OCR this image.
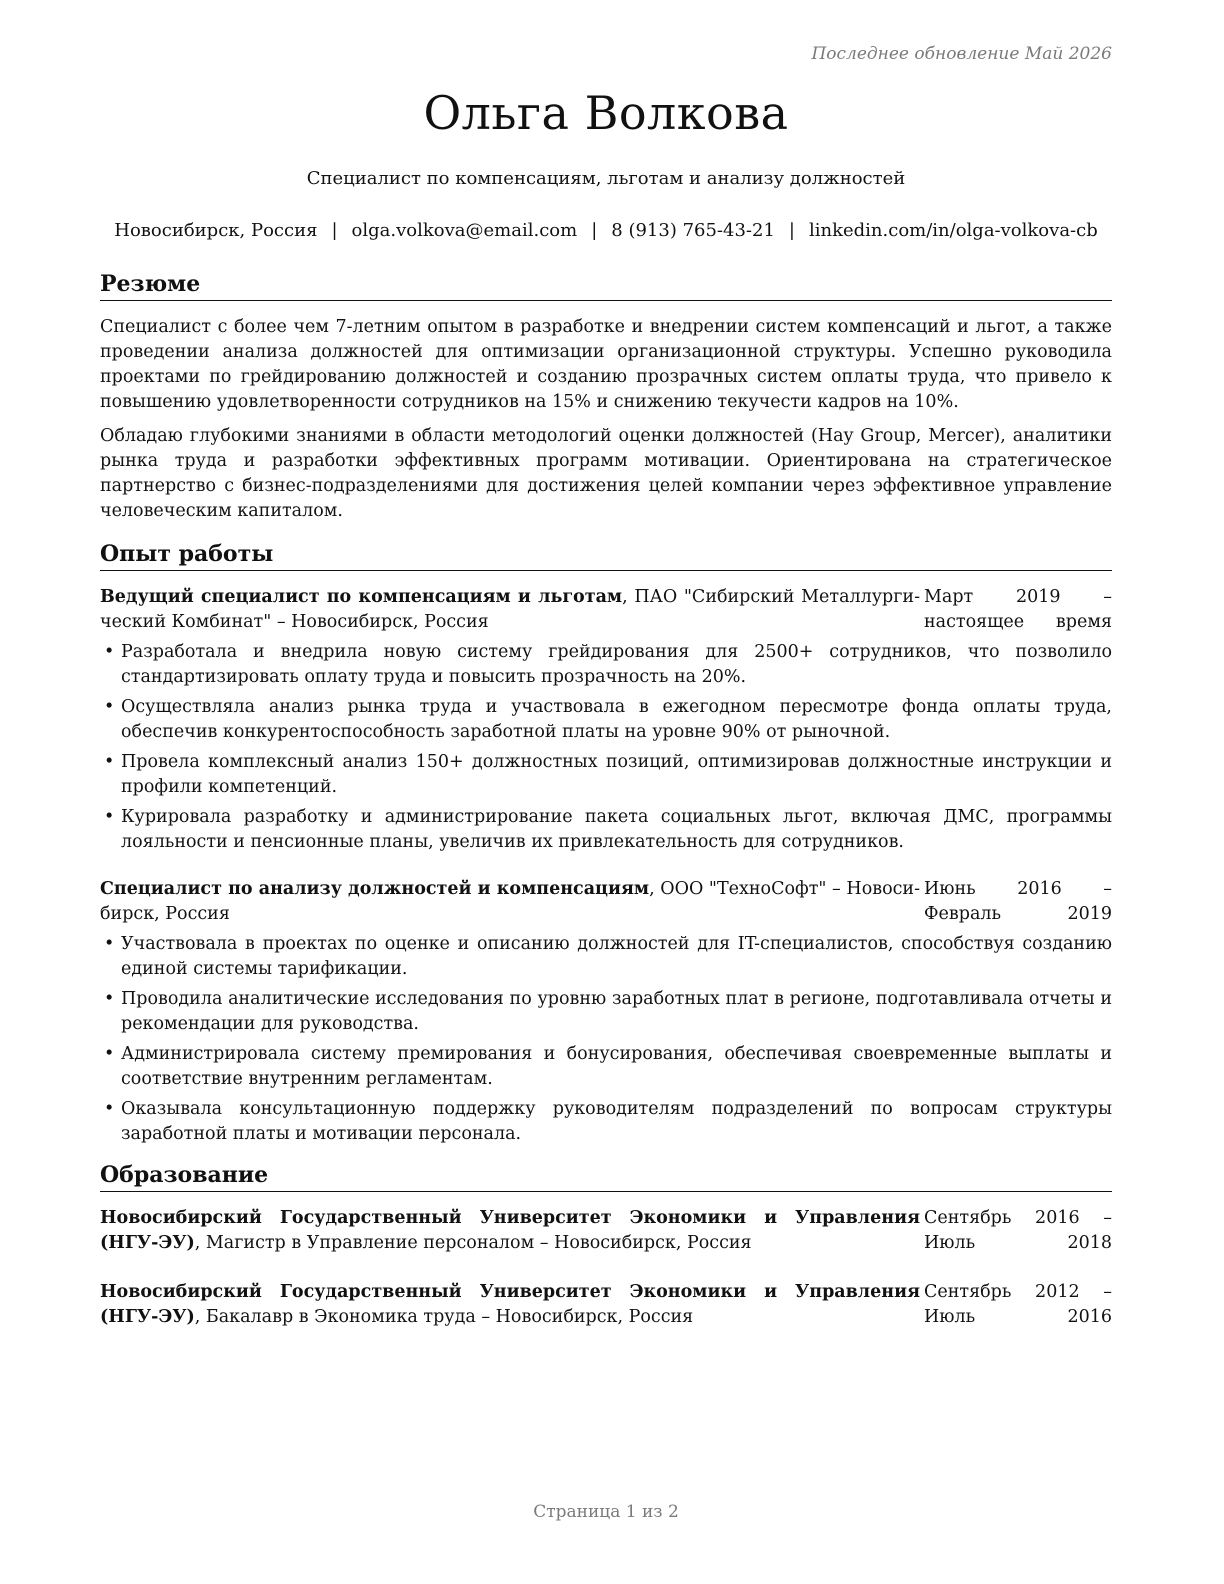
Последнее обновление Май 2026
Ольга Волкова
Специалист по компенсациям, льготам и анализу должностей
Новосибирск, Россия | olga.volkova@email.com | 8 (913) 765-43-21 | linkedin.com/in/olga-volkova-cb
Резюме

Специалист с более чем 7-летним опытом в разработке и внедрении систем компенсаций и льгот, а также проведении анализа должностей для оптимизации организационной структуры. Успешно руководила проектами по грейдированию должностей и созданию прозрачных систем оплаты труда, что привело к повышению удовлетворенности сотрудников на 15% и снижению текучести кадров на 10%.

Обладаю глубокими знаниями в области методологий оценки должностей (Hay Group, Mercer), аналитики рынка труда и разработки эффективных программ мотивации. Ориентирована на стратегическое партнерство с бизнес-подразделениями для достижения целей компании через эффективное управление человеческим капиталом.

Опыт работы
Ведущий специалист по компенсациям и льготам, ПАО "Сибирский Металлурги-ческий Комбинат" – Новосибирск, Россия
Март 2019 – настоящее время
• Разработала и внедрила новую систему грейдирования для 2500+ сотрудников, что позволило стандартизировать оплату труда и повысить прозрачность на 20%.
• Осуществляла анализ рынка труда и участвовала в ежегодном пересмотре фонда оплаты труда, обеспечив конкурентоспособность заработной платы на уровне 90% от рыночной.
• Провела комплексный анализ 150+ должностных позиций, оптимизировав должностные инструкции и профили компетенций.
• Курировала разработку и администрирование пакета социальных льгот, включая ДМС, программы лояльности и пенсионные планы, увеличив их привлекательность для сотрудников.
Специалист по анализу должностей и компенсациям, ООО "ТехноСофт" – Новоси-бирск, Россия
Июнь 2016 – Февраль 2019
• Участвовала в проектах по оценке и описанию должностей для IT-специалистов, способствуя созданию единой системы тарификации.
• Проводила аналитические исследования по уровню заработных плат в регионе, подготавливала отчеты и рекомендации для руководства.
• Администрировала систему премирования и бонусирования, обеспечивая своевременные выплаты и соответствие внутренним регламентам.
• Оказывала консультационную поддержку руководителям подразделений по вопросам структуры заработной платы и мотивации персонала.
Образование
Новосибирский Государственный Университет Экономики и Управления (НГУ-ЭУ), Магистр в Управление персоналом – Новосибирск, Россия
Сентябрь 2016 – Июль 2018
Новосибирский Государственный Университет Экономики и Управления (НГУ-ЭУ), Бакалавр в Экономика труда – Новосибирск, Россия
Сентябрь 2012 – Июль 2016
Страница 1 из 2
